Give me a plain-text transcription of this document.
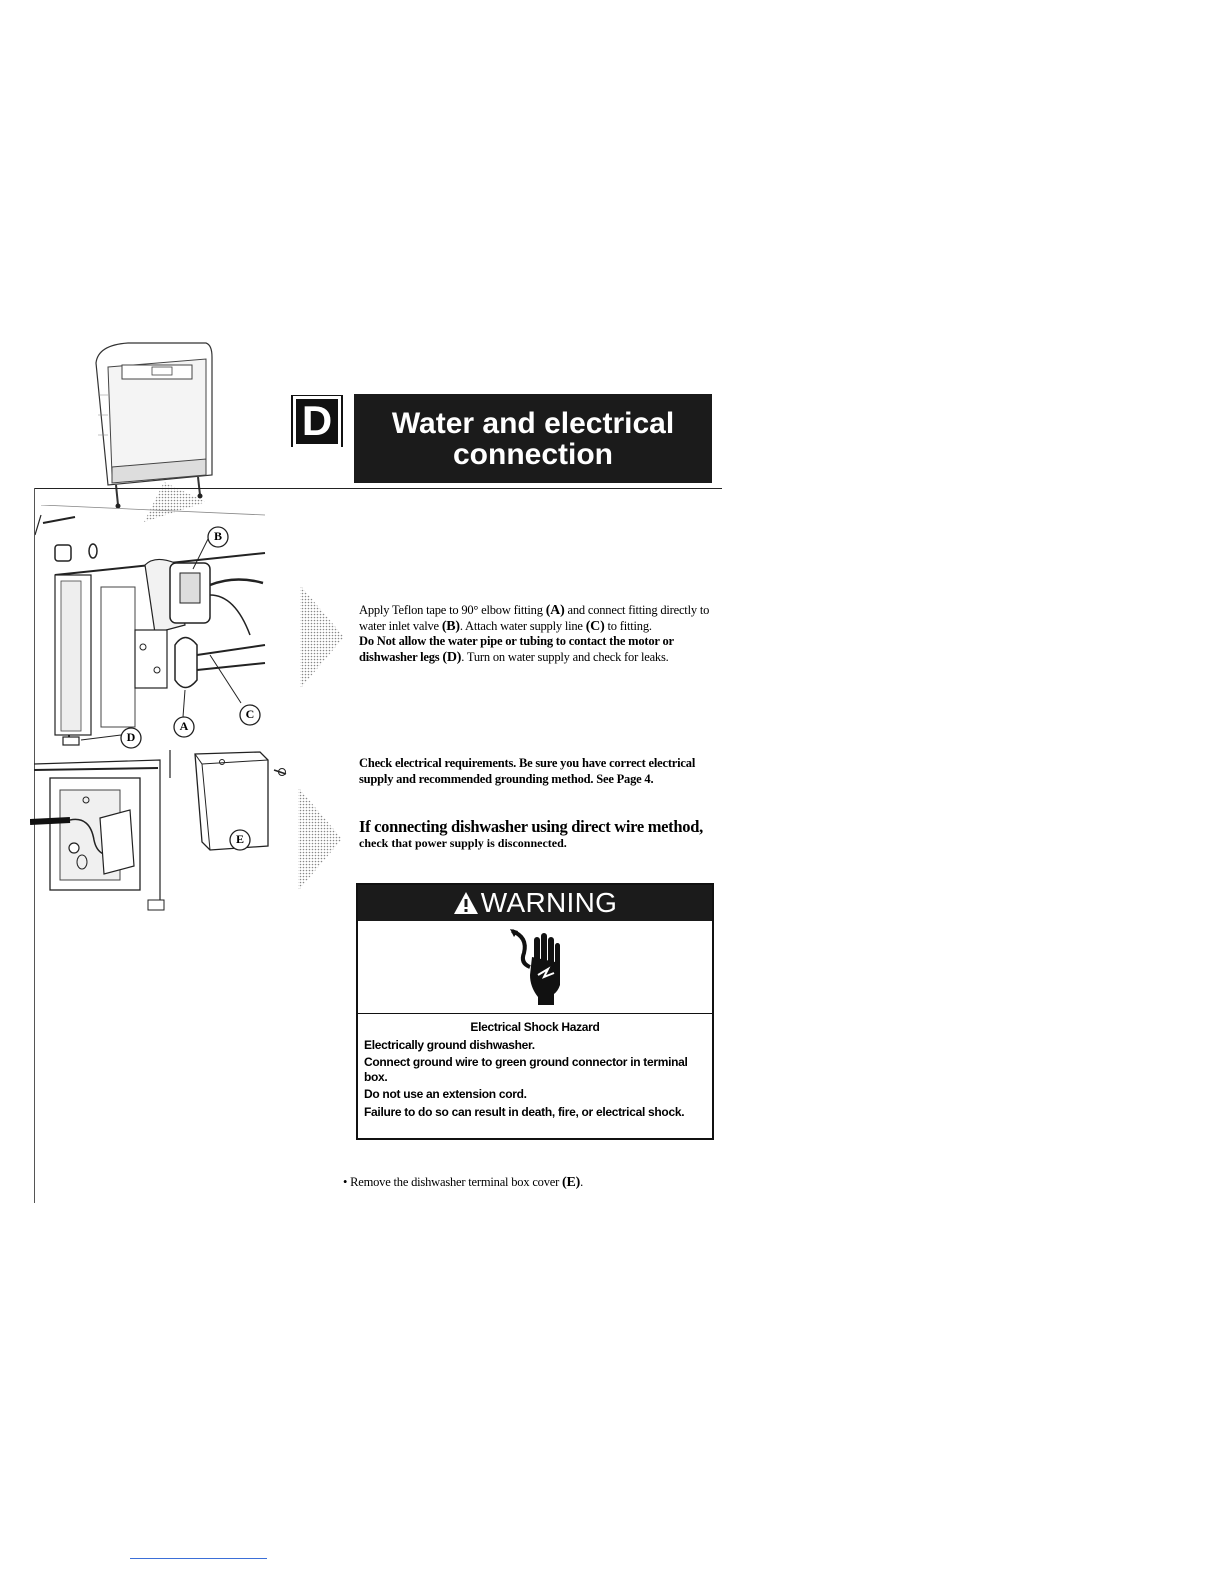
D	Water and electrical
connection
B
A
C
D
E
Apply Teflon tape to 90° elbow fitting (A) and connect fitting directly to water inlet valve (B). Attach water supply line (C) to fitting.
Do Not allow the water pipe or tubing to contact the motor or dishwasher legs (D). Turn on water supply and check for leaks.
Check electrical requirements. Be sure you have correct electrical supply and recommended grounding method. See Page 4.
If connecting dishwasher using direct wire method,
check that power supply is disconnected.
WARNING
Electrical Shock Hazard
Electrically ground dishwasher.
Connect ground wire to green ground connector in terminal box.
Do not use an extension cord.
Failure to do so can result in death, fire, or electrical shock.
• Remove the dishwasher terminal box cover (E).
